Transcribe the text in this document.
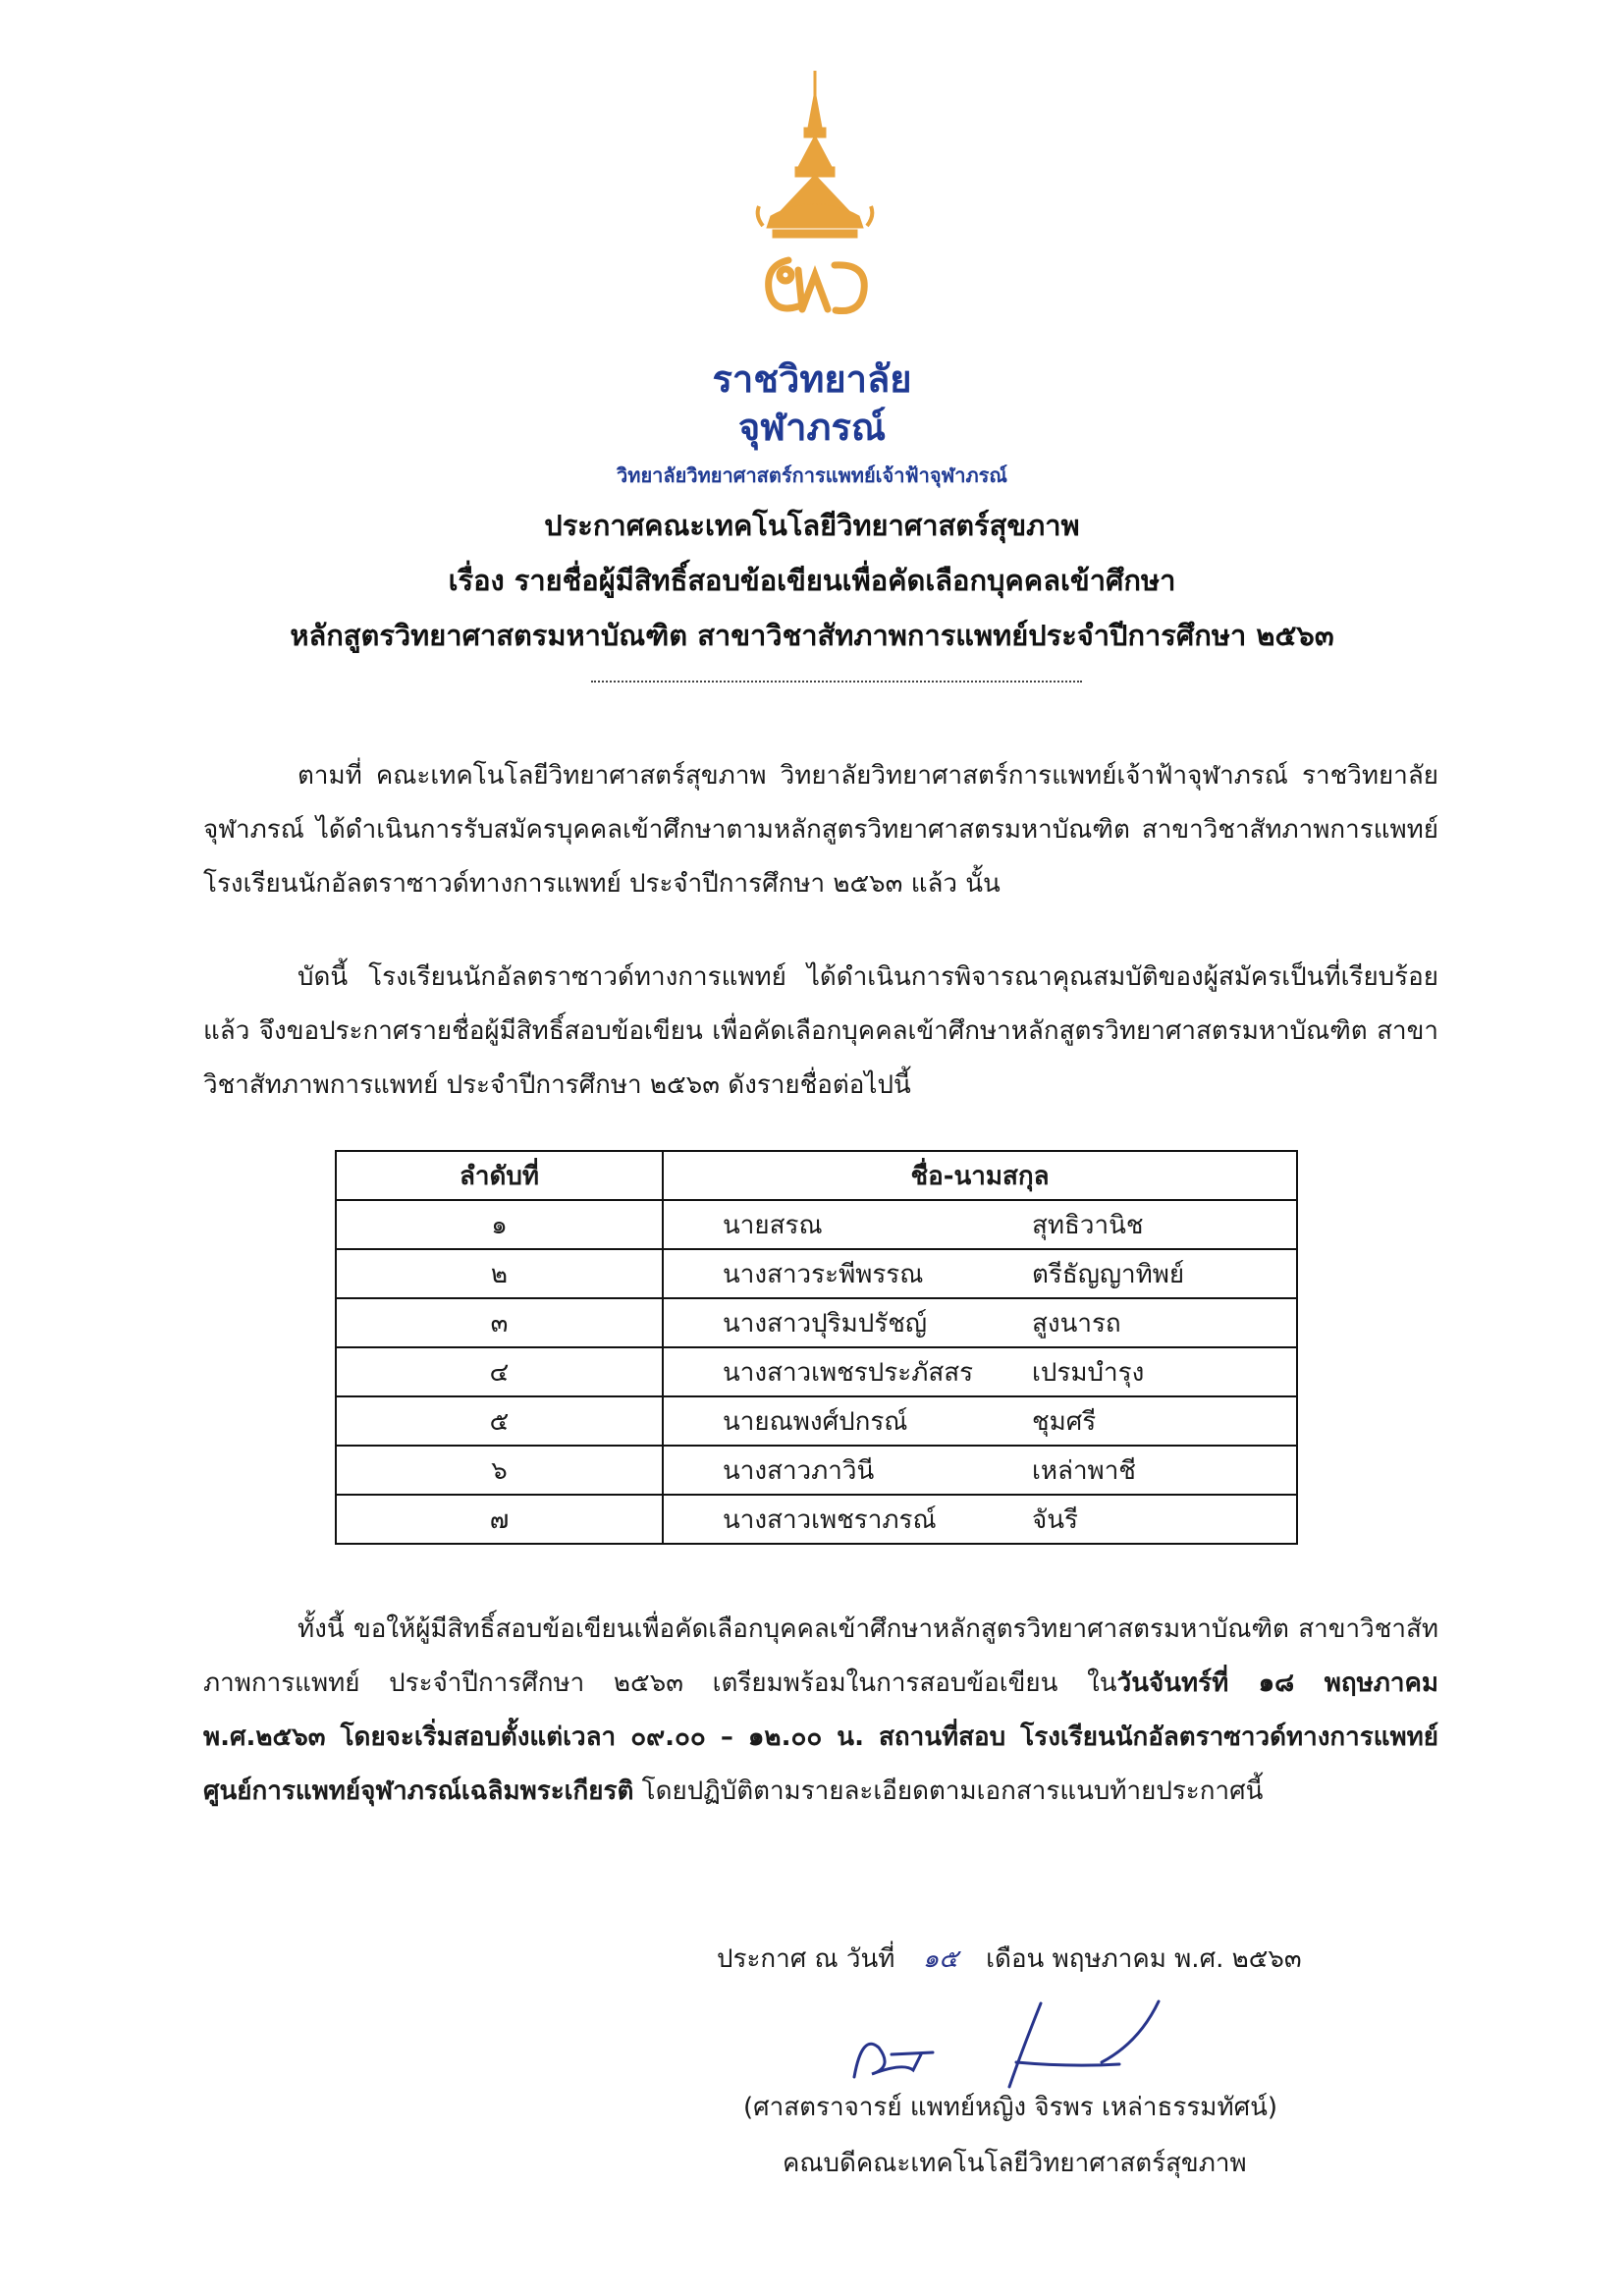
ราชวิทยาลัย
จุฬาภรณ์
วิทยาลัยวิทยาศาสตร์การแพทย์เจ้าฟ้าจุฬาภรณ์
ประกาศคณะเทคโนโลยีวิทยาศาสตร์สุขภาพ
เรื่อง รายชื่อผู้มีสิทธิ์สอบข้อเขียนเพื่อคัดเลือกบุคคลเข้าศึกษา
หลักสูตรวิทยาศาสตรมหาบัณฑิต สาขาวิชาสัทภาพการแพทย์ประจำปีการศึกษา ๒๕๖๓
ตามที่ คณะเทคโนโลยีวิทยาศาสตร์สุขภาพ วิทยาลัยวิทยาศาสตร์การแพทย์เจ้าฟ้าจุฬาภรณ์ ราชวิทยาลัยจุฬาภรณ์ ได้ดำเนินการรับสมัครบุคคลเข้าศึกษาตามหลักสูตรวิทยาศาสตรมหาบัณฑิต สาขาวิชาสัทภาพการแพทย์ โรงเรียนนักอัลตราซาวด์ทางการแพทย์ ประจำปีการศึกษา ๒๕๖๓ แล้ว นั้น
บัดนี้ โรงเรียนนักอัลตราซาวด์ทางการแพทย์ ได้ดำเนินการพิจารณาคุณสมบัติของผู้สมัครเป็นที่เรียบร้อยแล้ว จึงขอประกาศรายชื่อผู้มีสิทธิ์สอบข้อเขียน เพื่อคัดเลือกบุคคลเข้าศึกษาหลักสูตรวิทยาศาสตรมหาบัณฑิต สาขาวิชาสัทภาพการแพทย์ ประจำปีการศึกษา ๒๕๖๓ ดังรายชื่อต่อไปนี้
ลำดับที่	ชื่อ-นามสกุล
๑	นายสรณ สุทธิวานิช
๒	นางสาวระพีพรรณ ตรีธัญญาทิพย์
๓	นางสาวปุริมปรัชญ์ สูงนารถ
๔	นางสาวเพชรประภัสสร เปรมบำรุง
๕	นายณพงศ์ปกรณ์ ชุมศรี
๖	นางสาวภาวินี เหล่าพาชี
๗	นางสาวเพชราภรณ์ จันรี
ทั้งนี้ ขอให้ผู้มีสิทธิ์สอบข้อเขียนเพื่อคัดเลือกบุคคลเข้าศึกษาหลักสูตรวิทยาศาสตรมหาบัณฑิต สาขาวิชาสัทภาพการแพทย์ ประจำปีการศึกษา ๒๕๖๓ เตรียมพร้อมในการสอบข้อเขียน ในวันจันทร์ที่ ๑๘ พฤษภาคม พ.ศ.๒๕๖๓ โดยจะเริ่มสอบตั้งแต่เวลา ๐๙.๐๐ – ๑๒.๐๐ น. สถานที่สอบ โรงเรียนนักอัลตราซาวด์ทางการแพทย์ ศูนย์การแพทย์จุฬาภรณ์เฉลิมพระเกียรติ โดยปฏิบัติตามรายละเอียดตามเอกสารแนบท้ายประกาศนี้
ประกาศ ณ วันที่ ๑๕ เดือน พฤษภาคม พ.ศ. ๒๕๖๓
(ศาสตราจารย์ แพทย์หญิง จิรพร เหล่าธรรมทัศน์)
คณบดีคณะเทคโนโลยีวิทยาศาสตร์สุขภาพ
